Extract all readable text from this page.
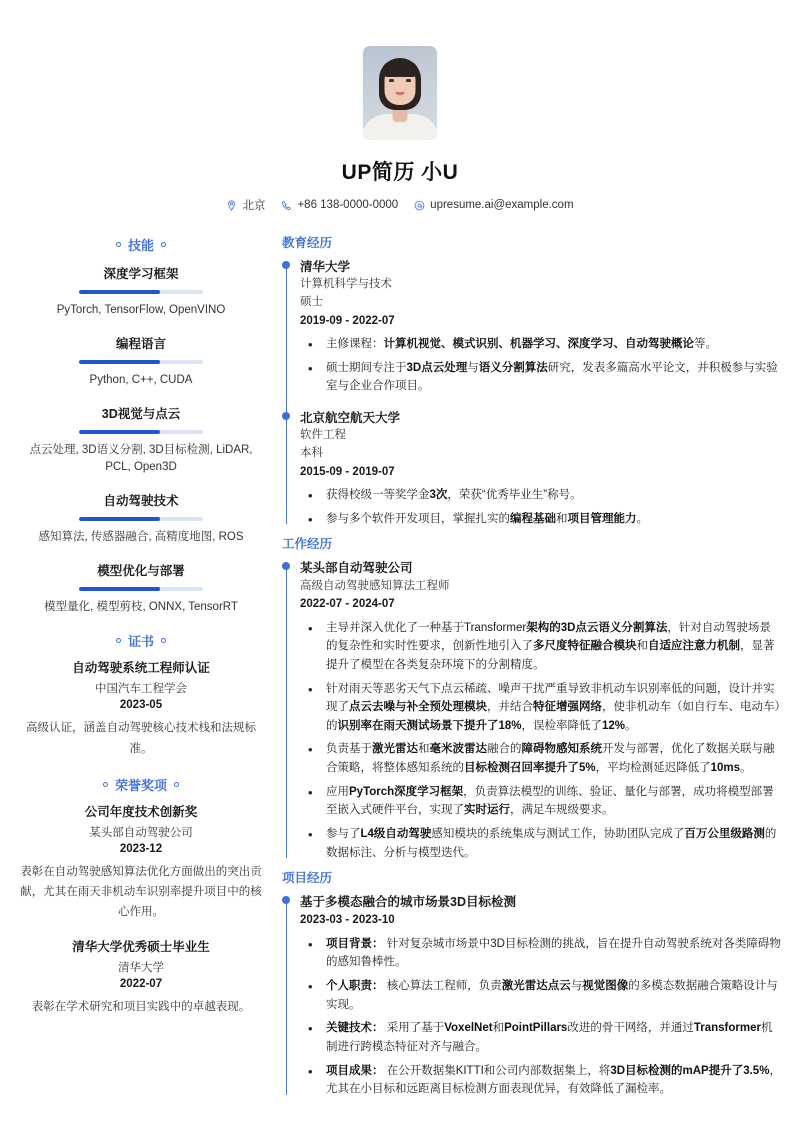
UP简历 小U
北京	+86 138-0000-0000	upresume.ai@example.com
技能
深度学习框架
PyTorch, TensorFlow, OpenVINO
编程语言
Python, C++, CUDA
3D视觉与点云
点云处理, 3D语义分割, 3D目标检测, LiDAR, PCL, Open3D
自动驾驶技术
感知算法, 传感器融合, 高精度地图, ROS
模型优化与部署
模型量化, 模型剪枝, ONNX, TensorRT
证书
自动驾驶系统工程师认证
中国汽车工程学会
2023-05
高级认证，涵盖自动驾驶核心技术栈和法规标准。
荣誉奖项
公司年度技术创新奖
某头部自动驾驶公司
2023-12
表彰在自动驾驶感知算法优化方面做出的突出贡献，尤其在雨天非机动车识别率提升项目中的核心作用。
清华大学优秀硕士毕业生
清华大学
2022-07
表彰在学术研究和项目实践中的卓越表现。
教育经历
清华大学
计算机科学与技术
硕士
2019-09 - 2022-07
• 主修课程：计算机视觉、模式识别、机器学习、深度学习、自动驾驶概论等。
• 硕士期间专注于3D点云处理与语义分割算法研究，发表多篇高水平论文，并积极参与实验室与企业合作项目。
北京航空航天大学
软件工程
本科
2015-09 - 2019-07
• 获得校级一等奖学金3次，荣获“优秀毕业生”称号。
• 参与多个软件开发项目，掌握扎实的编程基础和项目管理能力。
工作经历
某头部自动驾驶公司
高级自动驾驶感知算法工程师
2022-07 - 2024-07
• 主导并深入优化了一种基于Transformer架构的3D点云语义分割算法，针对自动驾驶场景的复杂性和实时性要求，创新性地引入了多尺度特征融合模块和自适应注意力机制，显著提升了模型在各类复杂环境下的分割精度。
• 针对雨天等恶劣天气下点云稀疏、噪声干扰严重导致非机动车识别率低的问题，设计并实现了点云去噪与补全预处理模块，并结合特征增强网络，使非机动车（如自行车、电动车）的识别率在雨天测试场景下提升了18%，误检率降低了12%。
• 负责基于激光雷达和毫米波雷达融合的障碍物感知系统开发与部署，优化了数据关联与融合策略，将整体感知系统的目标检测召回率提升了5%，平均检测延迟降低了10ms。
• 应用PyTorch深度学习框架，负责算法模型的训练、验证、量化与部署，成功将模型部署至嵌入式硬件平台，实现了实时运行，满足车规级要求。
• 参与了L4级自动驾驶感知模块的系统集成与测试工作，协助团队完成了百万公里级路测的数据标注、分析与模型迭代。
项目经历
基于多模态融合的城市场景3D目标检测
2023-03 - 2023-10
• 项目背景： 针对复杂城市场景中3D目标检测的挑战，旨在提升自动驾驶系统对各类障碍物的感知鲁棒性。
• 个人职责： 核心算法工程师，负责激光雷达点云与视觉图像的多模态数据融合策略设计与实现。
• 关键技术： 采用了基于VoxelNet和PointPillars改进的骨干网络，并通过Transformer机制进行跨模态特征对齐与融合。
• 项目成果： 在公开数据集KITTI和公司内部数据集上，将3D目标检测的mAP提升了3.5%，尤其在小目标和远距离目标检测方面表现优异，有效降低了漏检率。
